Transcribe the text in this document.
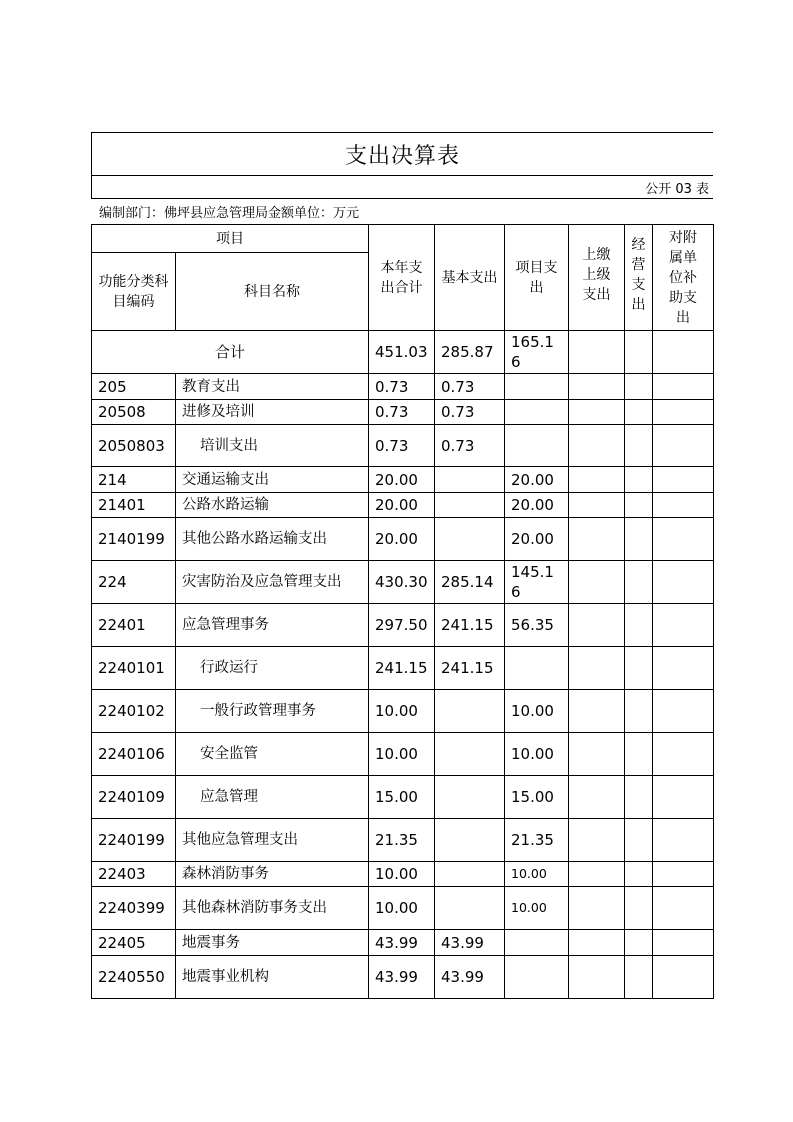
支出决算表
公开 03 表
编制部门：佛坪县应急管理局金额单位：万元
项目		本年支出合计	基本支出	项目支出	上缴上级支出	经营支出	对附属单位补助支出

功能分类科目编码	科目名称						
合计		451.03	285.87	165.16			
205	教育支出	0.73	0.73				
20508	进修及培训	0.73	0.73				
2050803	培训支出	0.73	0.73				
214	交通运输支出	20.00		20.00			
21401	公路水路运输	20.00		20.00			
2140199	其他公路水路运输支出	20.00		20.00			
224	灾害防治及应急管理支出	430.30	285.14	145.16			
22401	应急管理事务	297.50	241.15	56.35			
2240101	行政运行	241.15	241.15				
2240102	一般行政管理事务	10.00		10.00			
2240106	安全监管	10.00		10.00			
2240109	应急管理	15.00		15.00			
2240199	其他应急管理支出	21.35		21.35			
22403	森林消防事务	10.00		10.00			
2240399	其他森林消防事务支出	10.00		10.00			
22405	地震事务	43.99	43.99				
2240550	地震事业机构	43.99	43.99				
